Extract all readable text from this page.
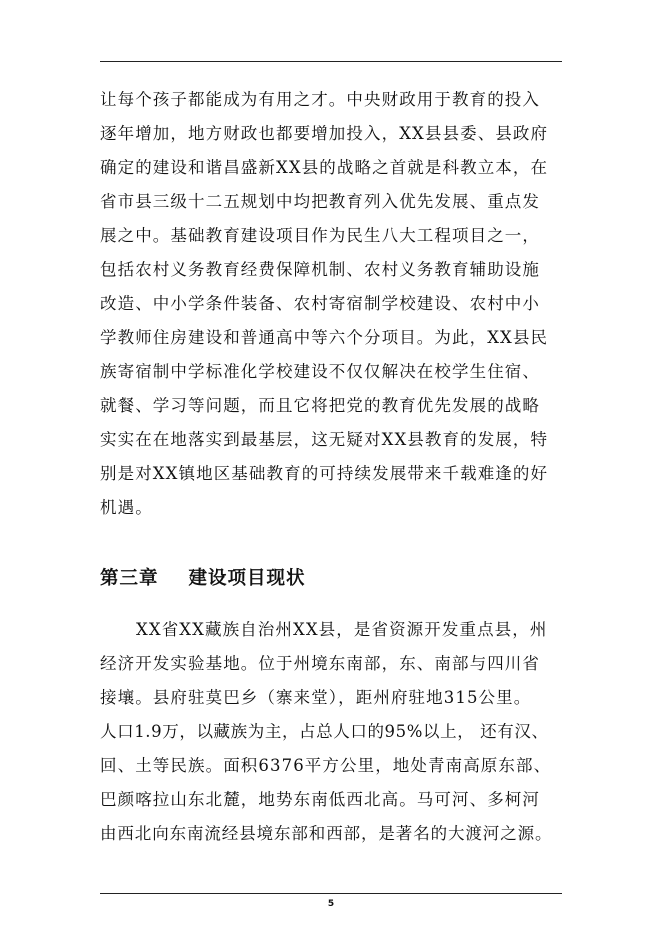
让每个孩子都能成为有用之才。中央财政用于教育的投入
逐年增加，地方财政也都要增加投入，XX县县委、县政府
确定的建设和谐昌盛新XX县的战略之首就是科教立本，在
省市县三级十二五规划中均把教育列入优先发展、重点发
展之中。基础教育建设项目作为民生八大工程项目之一，
包括农村义务教育经费保障机制、农村义务教育辅助设施
改造、中小学条件装备、农村寄宿制学校建设、农村中小
学教师住房建设和普通高中等六个分项目。为此，XX县民
族寄宿制中学标准化学校建设不仅仅解决在校学生住宿、
就餐、学习等问题，而且它将把党的教育优先发展的战略
实实在在地落实到最基层，这无疑对XX县教育的发展，特
别是对XX镇地区基础教育的可持续发展带来千载难逢的好
机遇。
第三章 建设项目现状
XX省XX藏族自治州XX县，是省资源开发重点县，州
经济开发实验基地。位于州境东南部，东、南部与四川省
接壤。县府驻莫巴乡（寨来堂），距州府驻地315公里。
人口1.9万，以藏族为主，占总人口的95%以上， 还有汉、
回、土等民族。面积6376平方公里，地处青南高原东部、
巴颜喀拉山东北麓，地势东南低西北高。马可河、多柯河
由西北向东南流经县境东部和西部，是著名的大渡河之源。
5
